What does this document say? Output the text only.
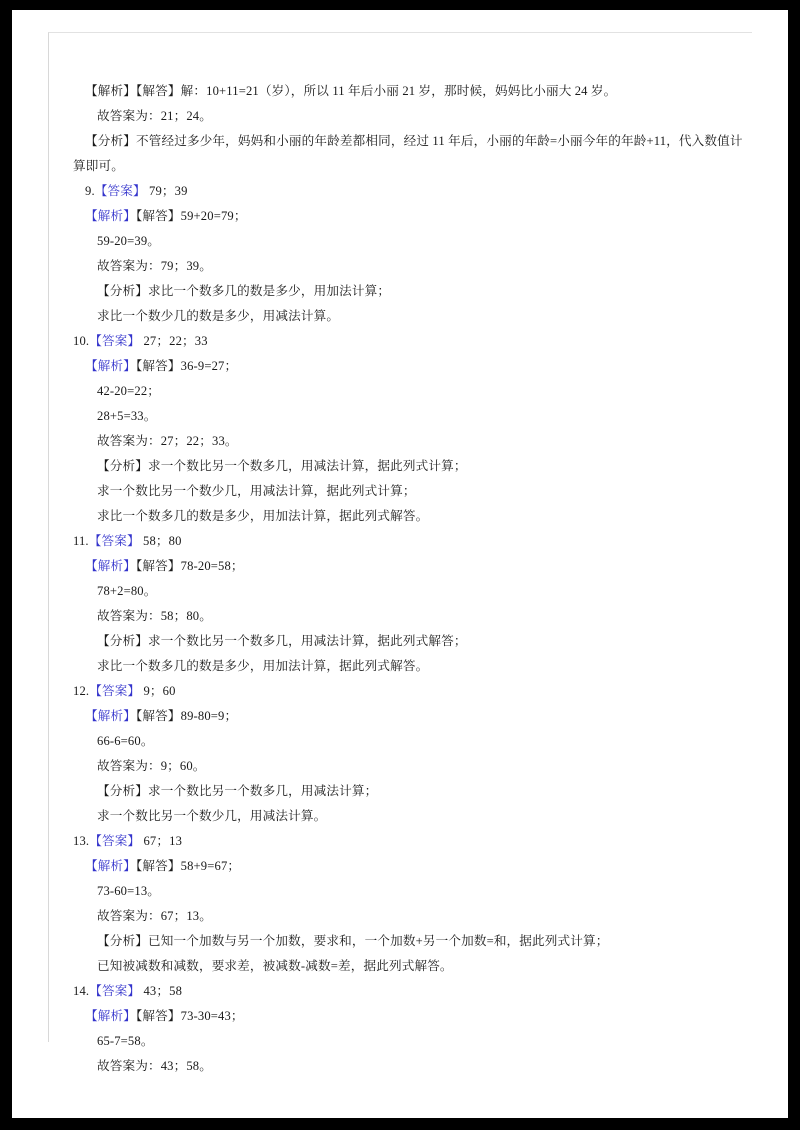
【解析】【解答】解：10+11=21（岁），所以 11 年后小丽 21 岁，那时候，妈妈比小丽大 24 岁。
故答案为：21；24。
【分析】不管经过多少年，妈妈和小丽的年龄差都相同，经过 11 年后，小丽的年龄=小丽今年的年龄+11，代入数值计
算即可。
9.【答案】 79；39
【解析】【解答】59+20=79；
59-20=39。
故答案为：79；39。
【分析】求比一个数多几的数是多少，用加法计算；
求比一个数少几的数是多少，用减法计算。
10.【答案】 27；22；33
【解析】【解答】36-9=27；
42-20=22；
28+5=33。
故答案为：27；22；33。
【分析】求一个数比另一个数多几，用减法计算，据此列式计算；
求一个数比另一个数少几，用减法计算，据此列式计算；
求比一个数多几的数是多少，用加法计算，据此列式解答。
11.【答案】 58；80
【解析】【解答】78-20=58；
78+2=80。
故答案为：58；80。
【分析】求一个数比另一个数多几，用减法计算，据此列式解答；
求比一个数多几的数是多少，用加法计算，据此列式解答。
12.【答案】 9；60
【解析】【解答】89-80=9；
66-6=60。
故答案为：9；60。
【分析】求一个数比另一个数多几，用减法计算；
求一个数比另一个数少几，用减法计算。
13.【答案】 67；13
【解析】【解答】58+9=67；
73-60=13。
故答案为：67；13。
【分析】已知一个加数与另一个加数，要求和，一个加数+另一个加数=和，据此列式计算；
已知被减数和减数，要求差，被减数-减数=差，据此列式解答。
14.【答案】 43；58
【解析】【解答】73-30=43；
65-7=58。
故答案为：43；58。
